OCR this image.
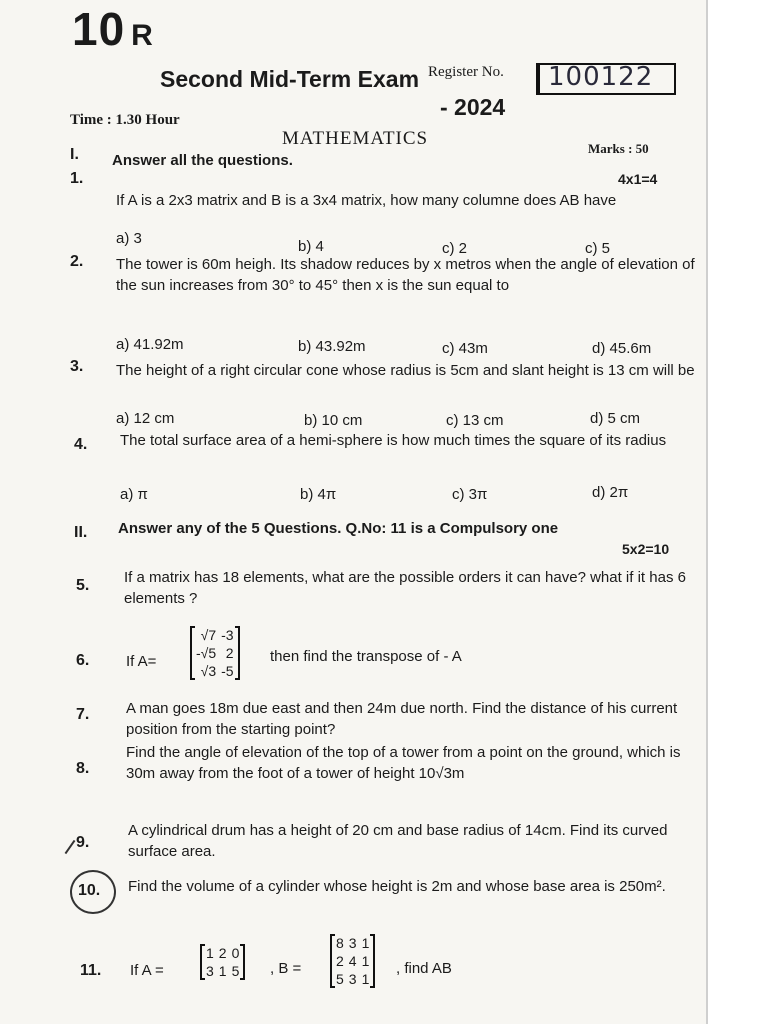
10 R
Register No. 100122
Second Mid-Term Exam
- 2024
Time : 1.30 Hour
MATHEMATICS	Marks : 50
I. Answer all the questions.
4x1=4
1.
If A is a 2x3 matrix and B is a 3x4 matrix, how many columne does AB have
a) 3	b) 4	c) 2	c) 5
2. The tower is 60m heigh. Its shadow reduces by x metros when the angle of elevation of the sun increases from 30° to 45° then x is the sun equal to
a) 41.92m	b) 43.92m	c) 43m	d) 45.6m
3. The height of a right circular cone whose radius is 5cm and slant height is 13 cm will be
a) 12 cm	b) 10 cm	c) 13 cm	d) 5 cm
4. The total surface area of a hemi-sphere is how much times the square of its radius
a) π	b) 4π	c) 3π	d) 2π
II. Answer any of the 5 Questions. Q.No: 11 is a Compulsory one
5x2=10
5. If a matrix has 18 elements, what are the possible orders it can have? what if it has 6 elements ?
6. If A=
√7 -3
-√5 2
√3 -5
then find the transpose of - A
7. A man goes 18m due east and then 24m due north. Find the distance of his current position from the starting point?
8.
Find the angle of elevation of the top of a tower from a point on the ground, which is 30m away from the foot of a tower of height 10√3m
9.
A cylindrical drum has a height of 20 cm and base radius of 14cm. Find its curved surface area.
10. Find the volume of a cylinder whose height is 2m and whose base area is 250m².
11. If A =
1 2 0
3 1 5 , B =
8 3 1
2 4 1
5 3 1
, find AB
